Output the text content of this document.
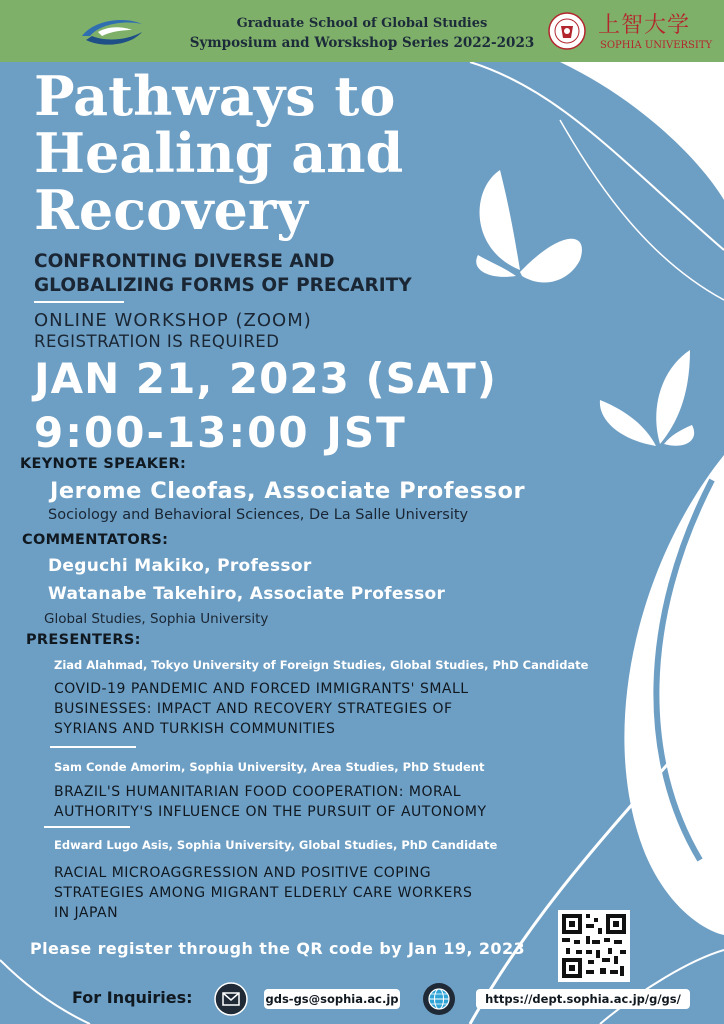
Graduate School of Global Studies
Symposium and Worskshop Series 2022-2023
上智大学
SOPHIA UNIVERSITY
Pathways to
Healing and
Recovery
CONFRONTING DIVERSE AND
GLOBALIZING FORMS OF PRECARITY
ONLINE WORKSHOP (ZOOM)
REGISTRATION IS REQUIRED
JAN 21, 2023 (SAT)
9:00-13:00 JST
KEYNOTE SPEAKER:
Jerome Cleofas, Associate Professor
Sociology and Behavioral Sciences, De La Salle University
COMMENTATORS:
Deguchi Makiko, Professor
Watanabe Takehiro, Associate Professor
Global Studies, Sophia University
PRESENTERS:
Ziad Alahmad, Tokyo University of Foreign Studies, Global Studies, PhD Candidate
COVID-19 PANDEMIC AND FORCED IMMIGRANTS' SMALL
BUSINESSES: IMPACT AND RECOVERY STRATEGIES OF
SYRIANS AND TURKISH COMMUNITIES
Sam Conde Amorim, Sophia University, Area Studies, PhD Student
BRAZIL'S HUMANITARIAN FOOD COOPERATION: MORAL
AUTHORITY'S INFLUENCE ON THE PURSUIT OF AUTONOMY
Edward Lugo Asis, Sophia University, Global Studies, PhD Candidate
RACIAL MICROAGGRESSION AND POSITIVE COPING
STRATEGIES AMONG MIGRANT ELDERLY CARE WORKERS
IN JAPAN
Please register through the QR code by Jan 19, 2023
For Inquiries:	gds-gs@sophia.ac.jp	https://dept.sophia.ac.jp/g/gs/
